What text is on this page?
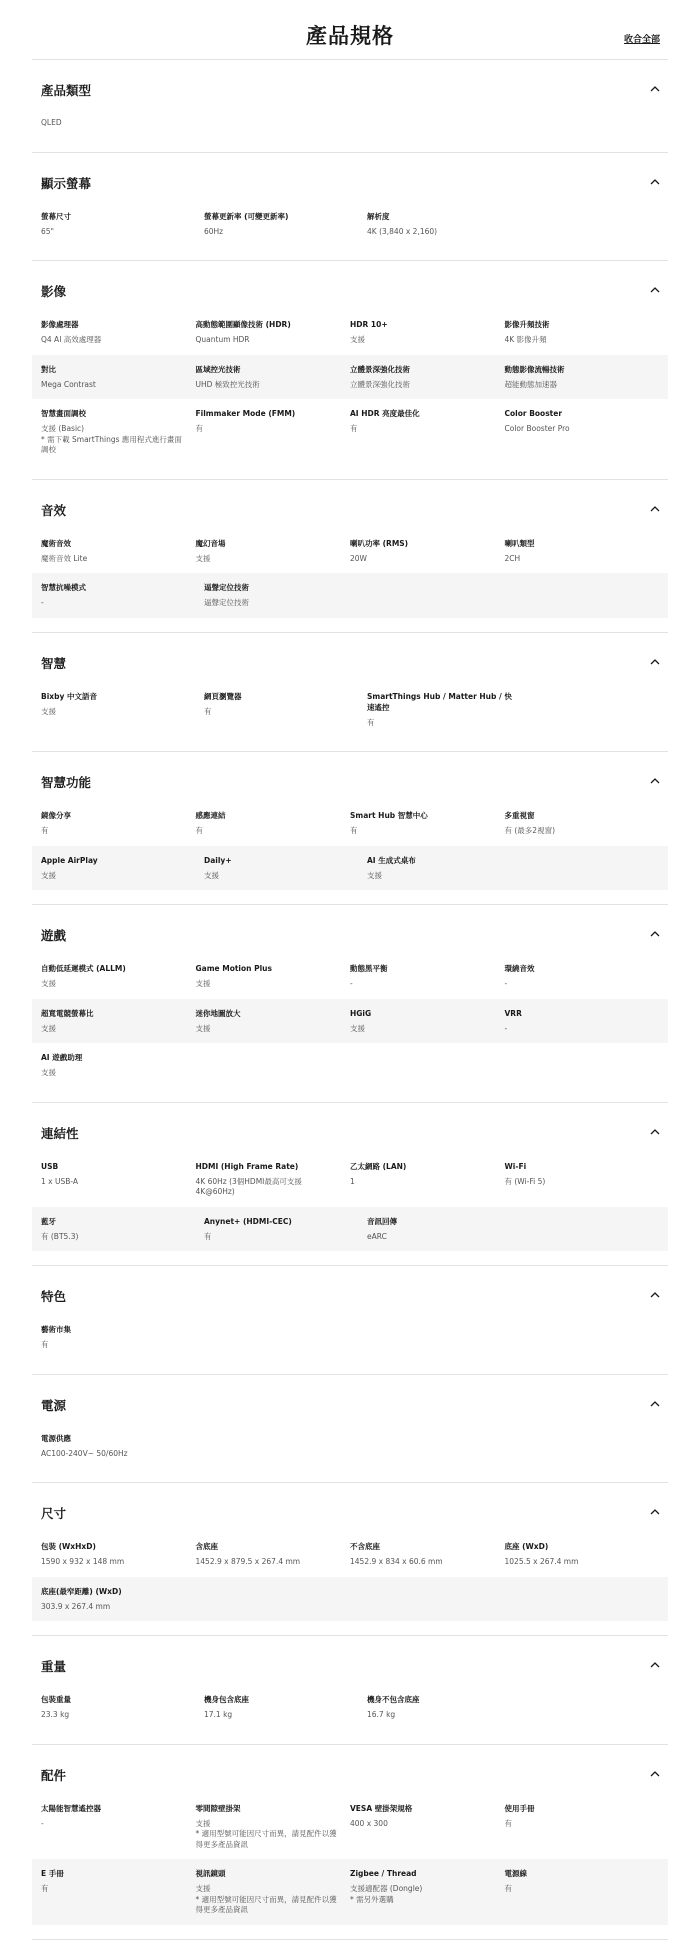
產品規格	收合全部
產品類型
QLED
顯示螢幕
螢幕尺寸
65"
螢幕更新率 (可變更新率)
60Hz
解析度
4K (3,840 x 2,160)
影像
影像處理器
Q4 AI 高效處理器
高動態範圍顯像技術 (HDR)
Quantum HDR
HDR 10+
支援
影像升頻技術
4K 影像升頻
對比
Mega Contrast
區域控光技術
UHD 極致控光技術
立體景深強化技術
立體景深強化技術
動態影像流暢技術
超能動態加速器
智慧畫面調校
支援 (Basic)
* 需下載 SmartThings 應用程式進行畫面調校
Filmmaker Mode (FMM)
有
AI HDR 亮度最佳化
有
Color Booster
Color Booster Pro
音效
魔術音效
魔術音效 Lite
魔幻音場
支援
喇叭功率 (RMS)
20W
喇叭類型
2CH
智慧抗噪模式
-
逼聲定位技術
逼聲定位技術
智慧
Bixby 中文語音
支援
網頁瀏覽器
有
SmartThings Hub / Matter Hub / 快速遙控
有
智慧功能
鏡像分享
有
感應連結
有
Smart Hub 智慧中心
有
多重視窗
有 (最多2視窗)
Apple AirPlay
支援
Daily+
支援
AI 生成式桌布
支援
遊戲
自動低延遲模式 (ALLM)
支援
Game Motion Plus
支援
動態黑平衡
-
環繞音效
-
超寬電競螢幕比
支援
迷你地圖放大
支援
HGiG
支援
VRR
-
AI 遊戲助理
支援
連結性
USB
1 x USB-A
HDMI (High Frame Rate)
4K 60Hz (3個HDMI最高可支援4K@60Hz)
乙太網路 (LAN)
1
Wi-Fi
有 (Wi-Fi 5)
藍牙
有 (BT5.3)
Anynet+ (HDMI-CEC)
有
音訊回傳
eARC
特色
藝術市集
有
電源
電源供應
AC100-240V~ 50/60Hz
尺寸
包裝 (WxHxD)
1590 x 932 x 148 mm
含底座
1452.9 x 879.5 x 267.4 mm
不含底座
1452.9 x 834 x 60.6 mm
底座 (WxD)
1025.5 x 267.4 mm
底座(最窄距離) (WxD)
303.9 x 267.4 mm
重量
包裝重量
23.3 kg
機身包含底座
17.1 kg
機身不包含底座
16.7 kg
配件
太陽能智慧遙控器
-
零間隙壁掛架
支援
* 適用型號可能因尺寸而異，請見配件以獲得更多產品資訊
VESA 壁掛架規格
400 x 300
使用手冊
有
E 手冊
有
視訊鏡頭
支援
* 適用型號可能因尺寸而異，請見配件以獲得更多產品資訊
Zigbee / Thread
支援適配器 (Dongle)
* 需另外選購
電源線
有
